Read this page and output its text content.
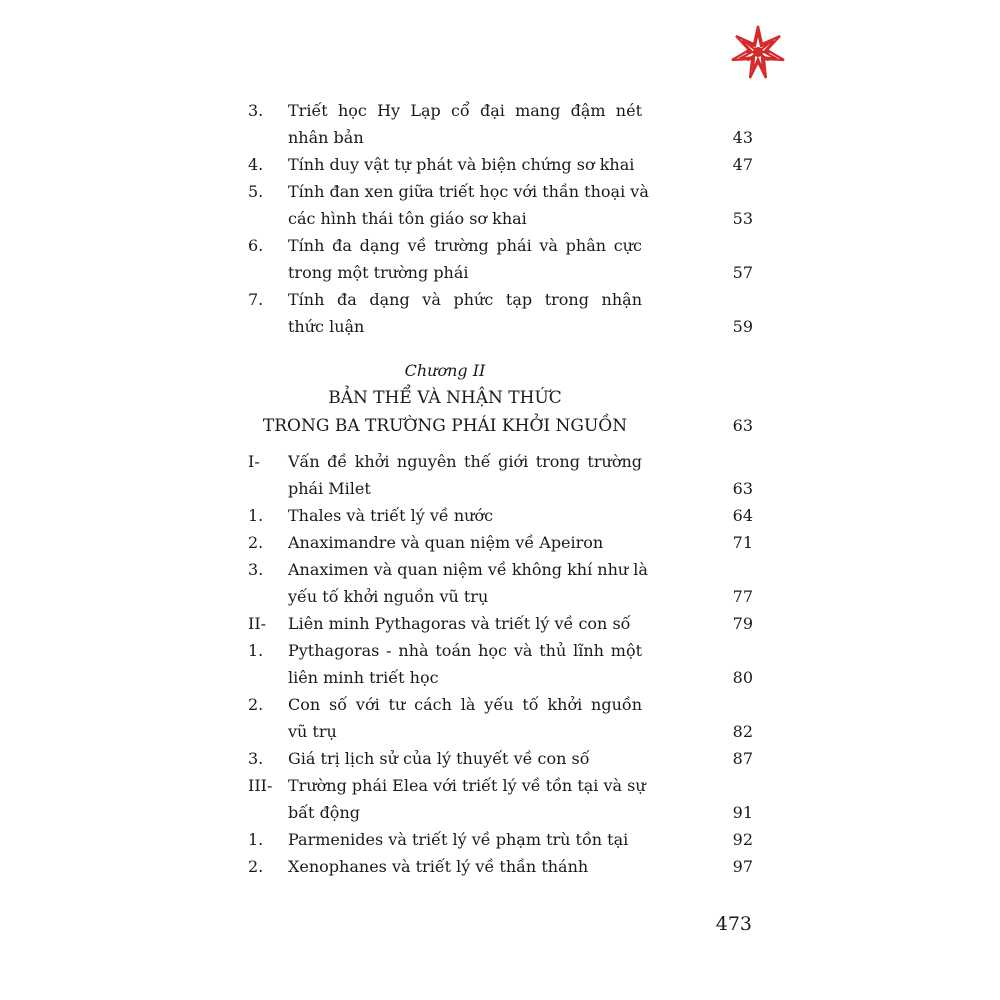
3.	Triết học Hy Lạp cổ đại mang đậm nét
nhân bản	43
4.	Tính duy vật tự phát và biện chứng sơ khai	47
5.	Tính đan xen giữa triết học với thần thoại và
các hình thái tôn giáo sơ khai	53
6.	Tính đa dạng về trường phái và phân cực
trong một trường phái	57
7.	Tính đa dạng và phức tạp trong nhận
thức luận	59
Chương II
BẢN THỂ VÀ NHẬN THỨC
TRONG BA TRƯỜNG PHÁI KHỞI NGUỒN	63
I-	Vấn đề khởi nguyên thế giới trong trường
phái Milet	63
1.	Thales và triết lý về nước	64
2.	Anaximandre và quan niệm về Apeiron	71
3.	Anaximen và quan niệm về không khí như là
yếu tố khởi nguồn vũ trụ	77
II-	Liên minh Pythagoras và triết lý về con số	79
1.	Pythagoras - nhà toán học và thủ lĩnh một
liên minh triết học	80
2.	Con số với tư cách là yếu tố khởi nguồn
vũ trụ	82
3.	Giá trị lịch sử của lý thuyết về con số	87
III- Trường phái Elea với triết lý về tồn tại và sự
bất động	91
1.	Parmenides và triết lý về phạm trù tồn tại	92
2.	Xenophanes và triết lý về thần thánh	97
473
